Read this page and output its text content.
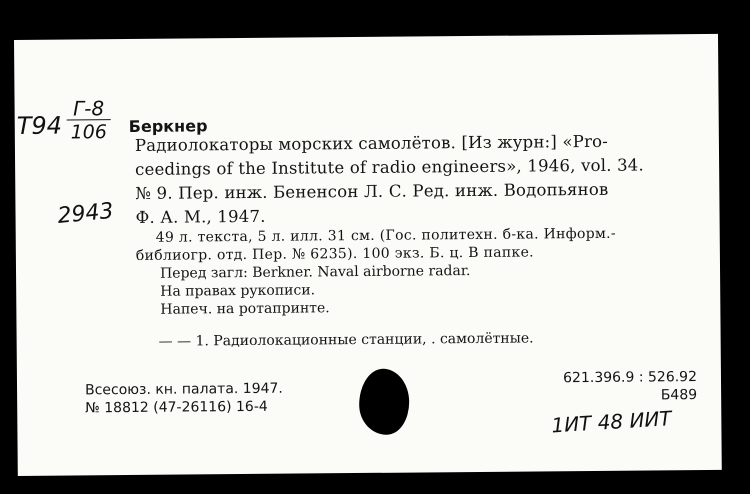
T94
Г-8
106
2943
Беркнер
Радиолокаторы морских самолётов. [Из журн:] «Pro-
ceedings of the Institute of radio engineers», 1946, vol. 34.
№ 9. Пер. инж. Бененсон Л. С. Ред. инж. Водопьянов
Ф. А. М., 1947.
49 л. текста, 5 л. илл. 31 см. (Гос. политехн. б-ка. Информ.-
библиогр. отд. Пер. № 6235). 100 экз. Б. ц. В папке.
Перед загл: Berkner. Naval airborne radar.
На правах рукописи.
Напеч. на ротапринте.
— — 1. Радиолокационные станции, . самолётные.
Всесоюз. кн. палата. 1947.
№ 18812 (47-26116) 16-4
621.396.9 : 526.92
Б489
1ИТ 48 ИИТ
